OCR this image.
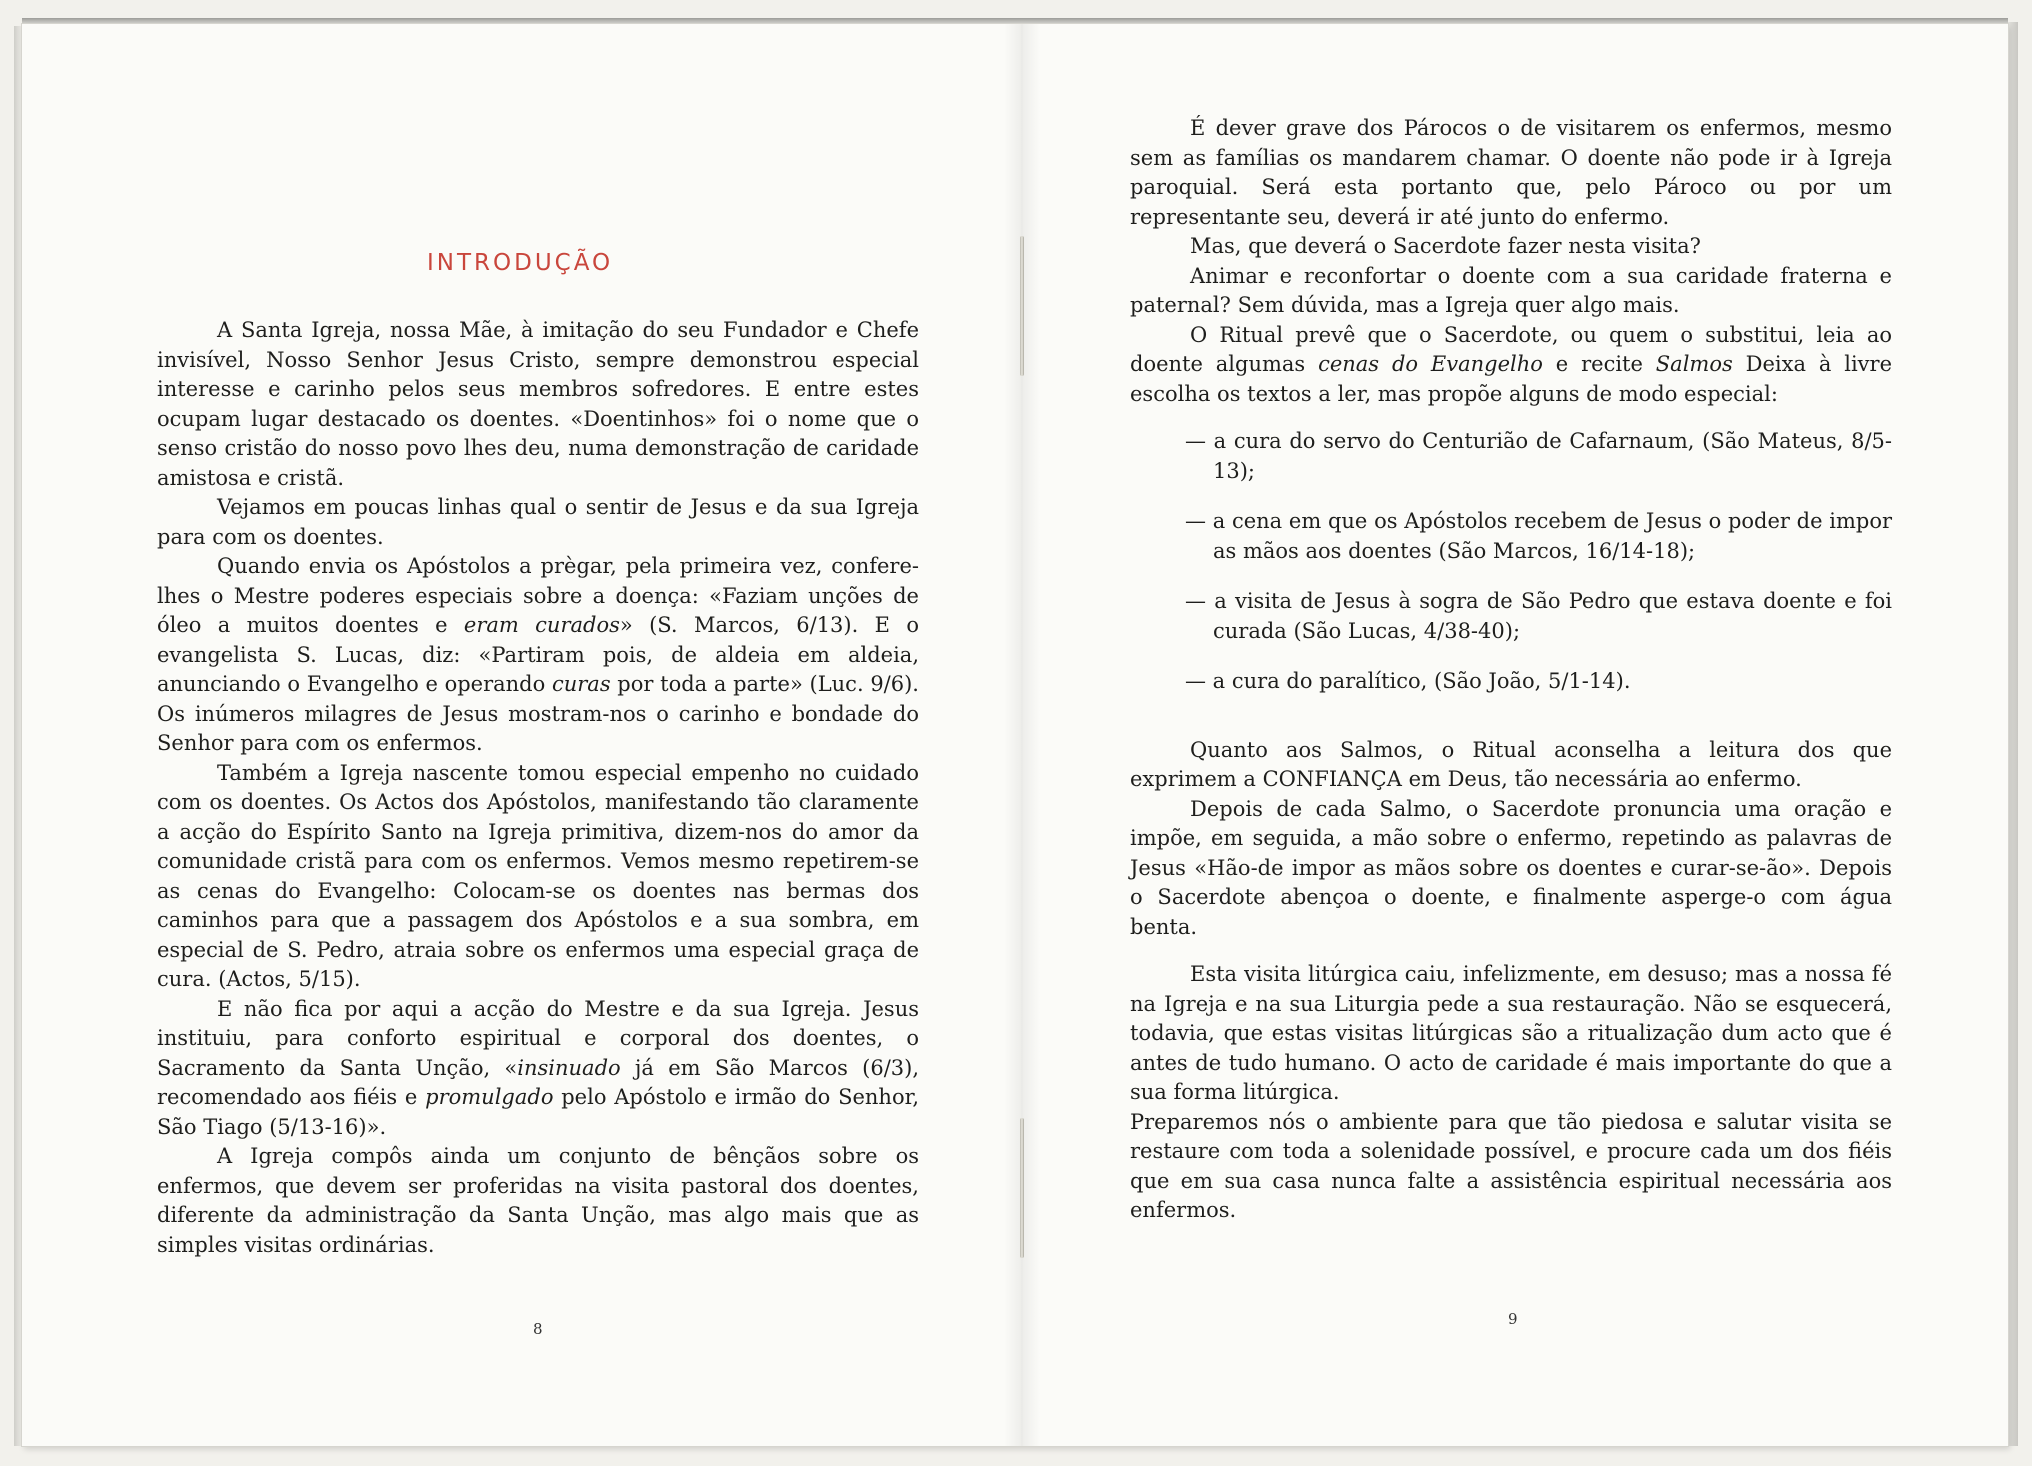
INTRODUÇÃO

A Santa Igreja, nossa Mãe, à imitação do seu Fundador e Chefe invisível, Nosso Senhor Jesus Cristo, sempre demonstrou especial interesse e carinho pelos seus membros sofredores. E entre estes ocupam lugar destacado os doentes. «Doentinhos» foi o nome que o senso cristão do nosso povo lhes deu, numa demonstração de caridade amistosa e cristã.

Vejamos em poucas linhas qual o sentir de Jesus e da sua Igreja para com os doentes.

Quando envia os Apóstolos a prègar, pela primeira vez, confere-lhes o Mestre poderes especiais sobre a doença: «Faziam unções de óleo a muitos doentes e eram curados» (S. Marcos, 6/13). E o evangelista S. Lucas, diz: «Partiram pois, de aldeia em aldeia, anunciando o Evangelho e operando curas por toda a parte» (Luc. 9/6). Os inúmeros milagres de Jesus mostram-nos o carinho e bondade do Senhor para com os enfermos.

Também a Igreja nascente tomou especial empenho no cuidado com os doentes. Os Actos dos Apóstolos, manifestando tão claramente a acção do Espírito Santo na Igreja primitiva, dizem-nos do amor da comunidade cristã para com os enfermos. Vemos mesmo repetirem-se as cenas do Evangelho: Colocam-se os doentes nas bermas dos caminhos para que a passagem dos Apóstolos e a sua sombra, em especial de S. Pedro, atraia sobre os enfermos uma especial graça de cura. (Actos, 5/15).

E não fica por aqui a acção do Mestre e da sua Igreja. Jesus instituiu, para conforto espiritual e corporal dos doentes, o Sacramento da Santa Unção, «insinuado já em São Marcos (6/3), recomendado aos fiéis e promulgado pelo Apóstolo e irmão do Senhor, São Tiago (5/13-16)».

A Igreja compôs ainda um conjunto de bênçãos sobre os enfermos, que devem ser proferidas na visita pastoral dos doentes, diferente da administração da Santa Unção, mas algo mais que as simples visitas ordinárias.

8

É dever grave dos Párocos o de visitarem os enfermos, mesmo sem as famílias os mandarem chamar. O doente não pode ir à Igreja paroquial. Será esta portanto que, pelo Pároco ou por um representante seu, deverá ir até junto do enfermo.

Mas, que deverá o Sacerdote fazer nesta visita?

Animar e reconfortar o doente com a sua caridade fraterna e paternal? Sem dúvida, mas a Igreja quer algo mais.

O Ritual prevê que o Sacerdote, ou quem o substitui, leia ao doente algumas cenas do Evangelho e recite Salmos Deixa à livre escolha os textos a ler, mas propõe alguns de modo especial:

— a cura do servo do Centurião de Cafarnaum, (São Mateus, 8/5-13);
— a cena em que os Apóstolos recebem de Jesus o poder de impor as mãos aos doentes (São Marcos, 16/14-18);
— a visita de Jesus à sogra de São Pedro que estava doente e foi curada (São Lucas, 4/38-40);
— a cura do paralítico, (São João, 5/1-14).

Quanto aos Salmos, o Ritual aconselha a leitura dos que exprimem a CONFIANÇA em Deus, tão necessária ao enfermo.

Depois de cada Salmo, o Sacerdote pronuncia uma oração e impõe, em seguida, a mão sobre o enfermo, repetindo as palavras de Jesus «Hão-de impor as mãos sobre os doentes e curar-se-ão». Depois o Sacerdote abençoa o doente, e finalmente asperge-o com água benta.

Esta visita litúrgica caiu, infelizmente, em desuso; mas a nossa fé na Igreja e na sua Liturgia pede a sua restauração. Não se esquecerá, todavia, que estas visitas litúrgicas são a ritualização dum acto que é antes de tudo humano. O acto de caridade é mais importante do que a sua forma litúrgica.

Preparemos nós o ambiente para que tão piedosa e salutar visita se restaure com toda a solenidade possível, e procure cada um dos fiéis que em sua casa nunca falte a assistência espiritual necessária aos enfermos.

9
